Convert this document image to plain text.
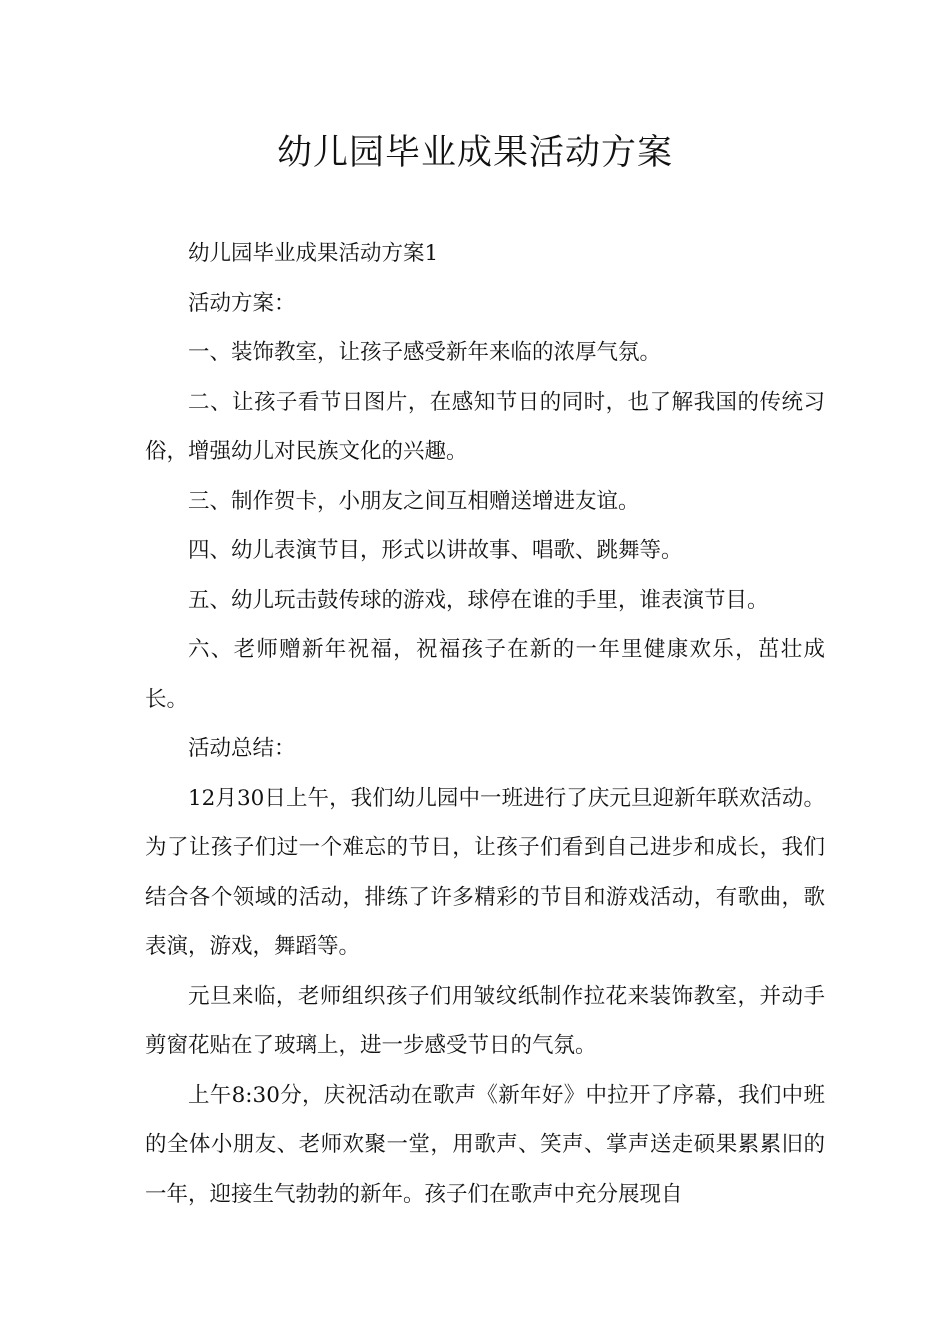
幼儿园毕业成果活动方案

幼儿园毕业成果活动方案1

活动方案：

一、装饰教室，让孩子感受新年来临的浓厚气氛。

二、让孩子看节日图片，在感知节日的同时，也了解我国的传统习俗，增强幼儿对民族文化的兴趣。

三、制作贺卡，小朋友之间互相赠送增进友谊。

四、幼儿表演节目，形式以讲故事、唱歌、跳舞等。

五、幼儿玩击鼓传球的游戏，球停在谁的手里，谁表演节目。

六、老师赠新年祝福，祝福孩子在新的一年里健康欢乐，茁壮成长。

活动总结：

12月30日上午，我们幼儿园中一班进行了庆元旦迎新年联欢活动。为了让孩子们过一个难忘的节日，让孩子们看到自己进步和成长，我们结合各个领域的活动，排练了许多精彩的节目和游戏活动，有歌曲，歌表演，游戏，舞蹈等。

元旦来临，老师组织孩子们用皱纹纸制作拉花来装饰教室，并动手剪窗花贴在了玻璃上，进一步感受节日的气氛。

上午8:30分，庆祝活动在歌声《新年好》中拉开了序幕，我们中班的全体小朋友、老师欢聚一堂，用歌声、笑声、掌声送走硕果累累旧的一年，迎接生气勃勃的新年。孩子们在歌声中充分展现自
